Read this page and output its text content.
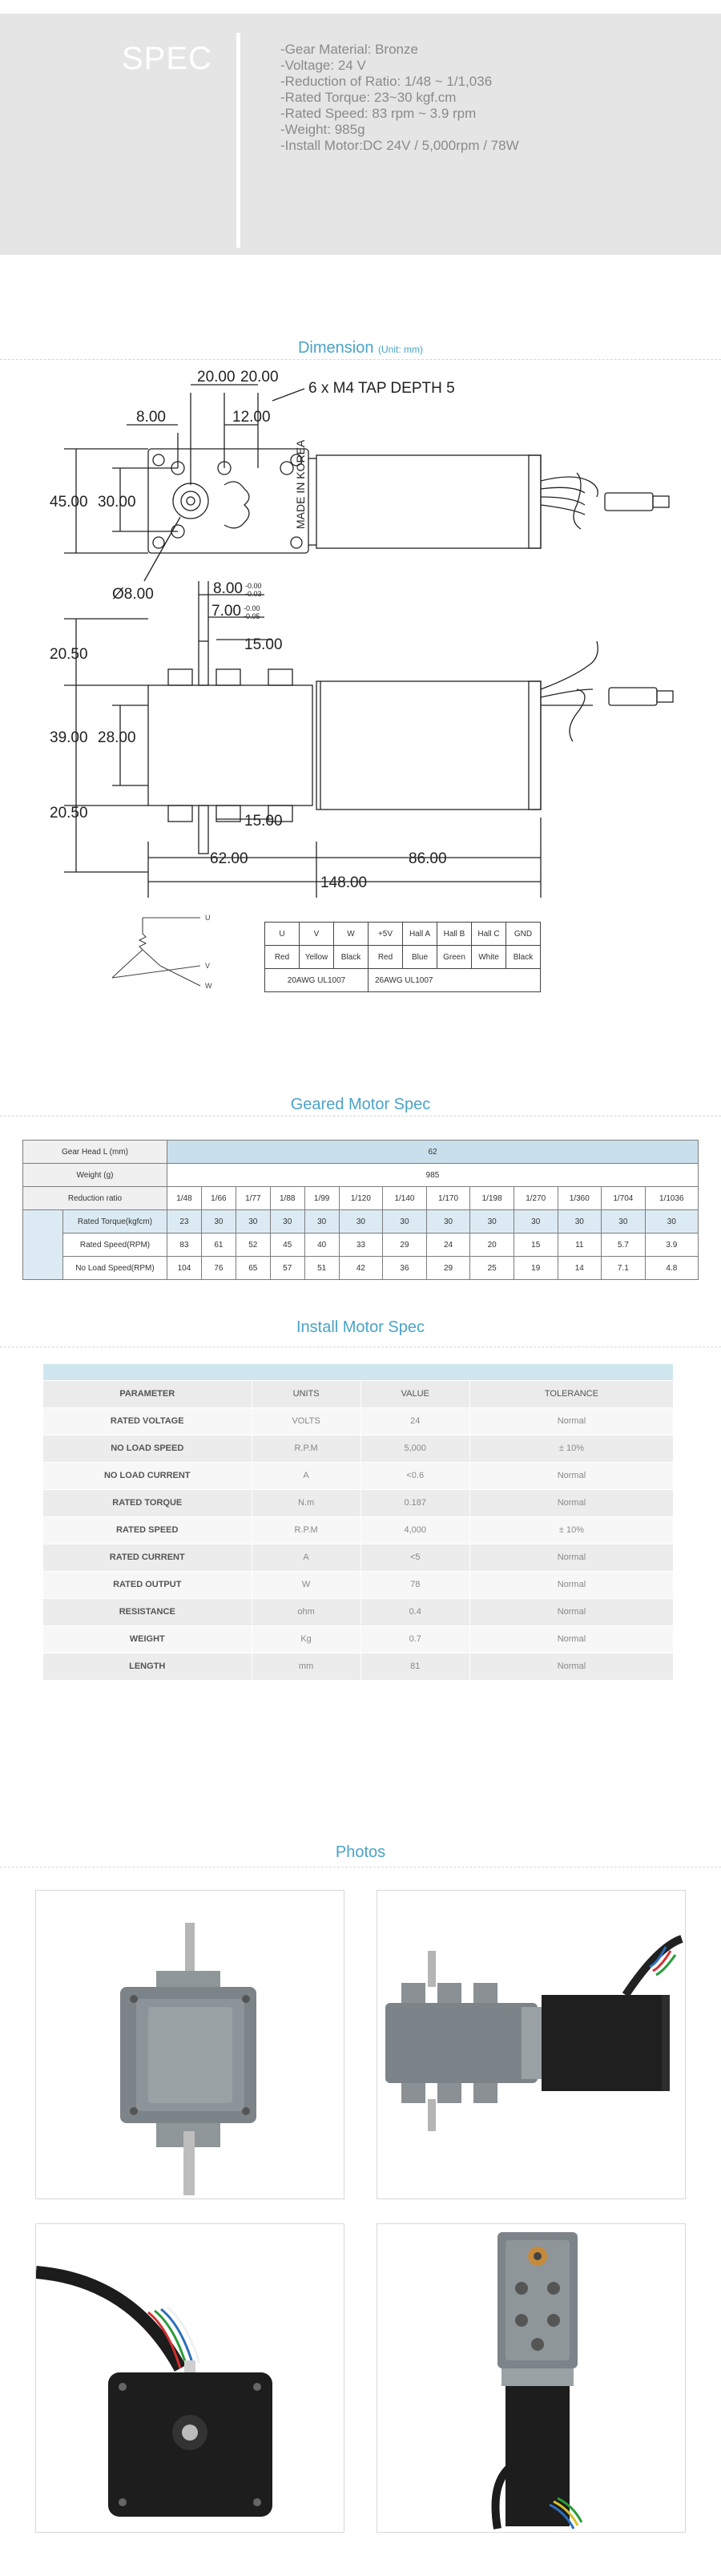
SPEC	-Gear Material: Bronze
-Voltage: 24 V
-Reduction of Ratio: 1/48 ~ 1/1,036
-Rated Torque: 23~30 kgf.cm
-Rated Speed: 83 rpm ~ 3.9 rpm
-Weight: 985g
-Install Motor:DC 24V / 5,000rpm / 78W
Dimension (Unit: mm)
20.00 20.00
8.00	12.00
6 x M4 TAP DEPTH 5
45.00 30.00
Ø8.00	8.00 -0.00
-0.03
7.00 -0.00
-0.05
15.00
20.50
39.00 28.00
20.50	15.00
62.00	86.00
148.00
MADE IN KOREA
U
V
W
U	V	W	+5V	Hall A	Hall B	Hall C	GND
Red	Yellow	Black	Red	Blue	Green	White	Black
20AWG UL1007			26AWG UL1007				
Geared Motor Spec
Gear Head L (mm)		62												
Weight (g)		985												
Reduction ratio		1/48	1/66	1/77	1/88	1/99	1/120	1/140	1/170	1/198	1/270	1/360	1/704	1/1036
	Rated Torque(kgfcm)	23	30	30	30	30	30	30	30	30	30	30	30	30
	Rated Speed(RPM)	83	61	52	45	40	33	29	24	20	15	11	5.7	3.9
	No Load Speed(RPM)	104	76	65	57	51	42	36	29	25	19	14	7.1	4.8
Install Motor Spec

PARAMETER	UNITS	VALUE	TOLERANCE
RATED VOLTAGE	VOLTS	24	Normal
NO LOAD SPEED	R.P.M	5,000	± 10%
NO LOAD CURRENT	A	<0.6	Normal
RATED TORQUE	N.m	0.187	Normal
RATED SPEED	R.P.M	4,000	± 10%
RATED CURRENT	A	<5	Normal
RATED OUTPUT	W	78	Normal
RESISTANCE	ohm	0.4	Normal
WEIGHT	Kg	0.7	Normal
LENGTH	mm	81	Normal
Photos
